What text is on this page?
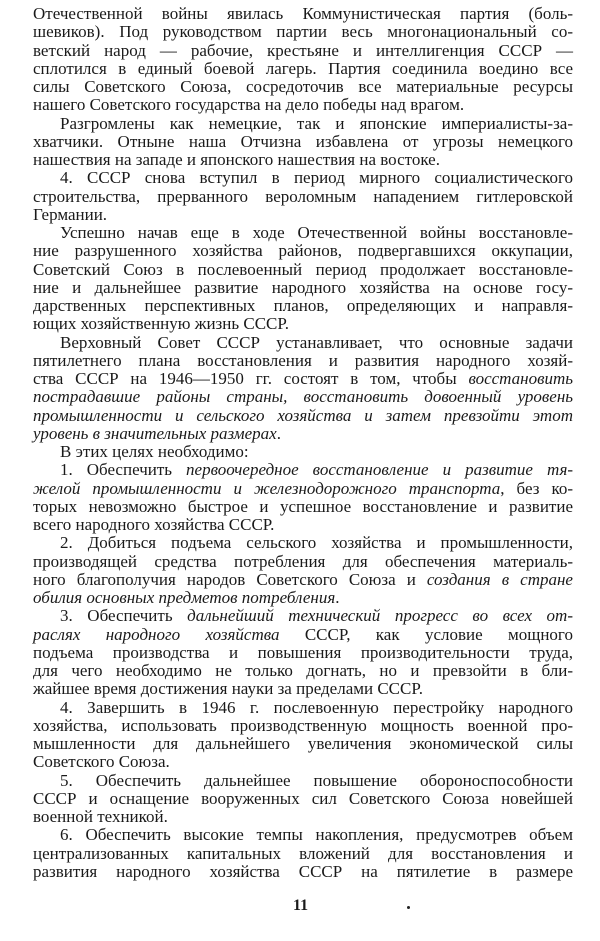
Отечественной войны явилась Коммунистическая партия (боль-
шевиков). Под руководством партии весь многонациональный со-
ветский народ — рабочие, крестьяне и интеллигенция СССР —
сплотился в единый боевой лагерь. Партия соединила воедино все
силы Советского Союза, сосредоточив все материальные ресурсы
нашего Советского государства на дело победы над врагом.
Разгромлены как немецкие, так и японские империалисты-за-
хватчики. Отныне наша Отчизна избавлена от угрозы немецкого
нашествия на западе и японского нашествия на востоке.
4. СССР снова вступил в период мирного социалистического
строительства, прерванного вероломным нападением гитлеровской
Германии.
Успешно начав еще в ходе Отечественной войны восстановле-
ние разрушенного хозяйства районов, подвергавшихся оккупации,
Советский Союз в послевоенный период продолжает восстановле-
ние и дальнейшее развитие народного хозяйства на основе госу-
дарственных перспективных планов, определяющих и направля-
ющих хозяйственную жизнь СССР.
Верховный Совет СССР устанавливает, что основные задачи
пятилетнего плана восстановления и развития народного хозяй-
ства СССР на 1946—1950 гг. состоят в том, чтобы восстановить
пострадавшие районы страны, восстановить довоенный уровень
промышленности и сельского хозяйства и затем превзойти этот
уровень в значительных размерах.
В этих целях необходимо:
1. Обеспечить первоочередное восстановление и развитие тя-
желой промышленности и железнодорожного транспорта, без ко-
торых невозможно быстрое и успешное восстановление и развитие
всего народного хозяйства СССР.
2. Добиться подъема сельского хозяйства и промышленности,
производящей средства потребления для обеспечения материаль-
ного благополучия народов Советского Союза и создания в стране
обилия основных предметов потребления.
3. Обеспечить дальнейший технический прогресс во всех от-
раслях народного хозяйства СССР, как условие мощного
подъема производства и повышения производительности труда,
для чего необходимо не только догнать, но и превзойти в бли-
жайшее время достижения науки за пределами СССР.
4. Завершить в 1946 г. послевоенную перестройку народного
хозяйства, использовать производственную мощность военной про-
мышленности для дальнейшего увеличения экономической силы
Советского Союза.
5. Обеспечить дальнейшее повышение обороноспособности
СССР и оснащение вооруженных сил Советского Союза новейшей
военной техникой.
6. Обеспечить высокие темпы накопления, предусмотрев объем
централизованных капитальных вложений для восстановления и
развития народного хозяйства СССР на пятилетие в размере
11
